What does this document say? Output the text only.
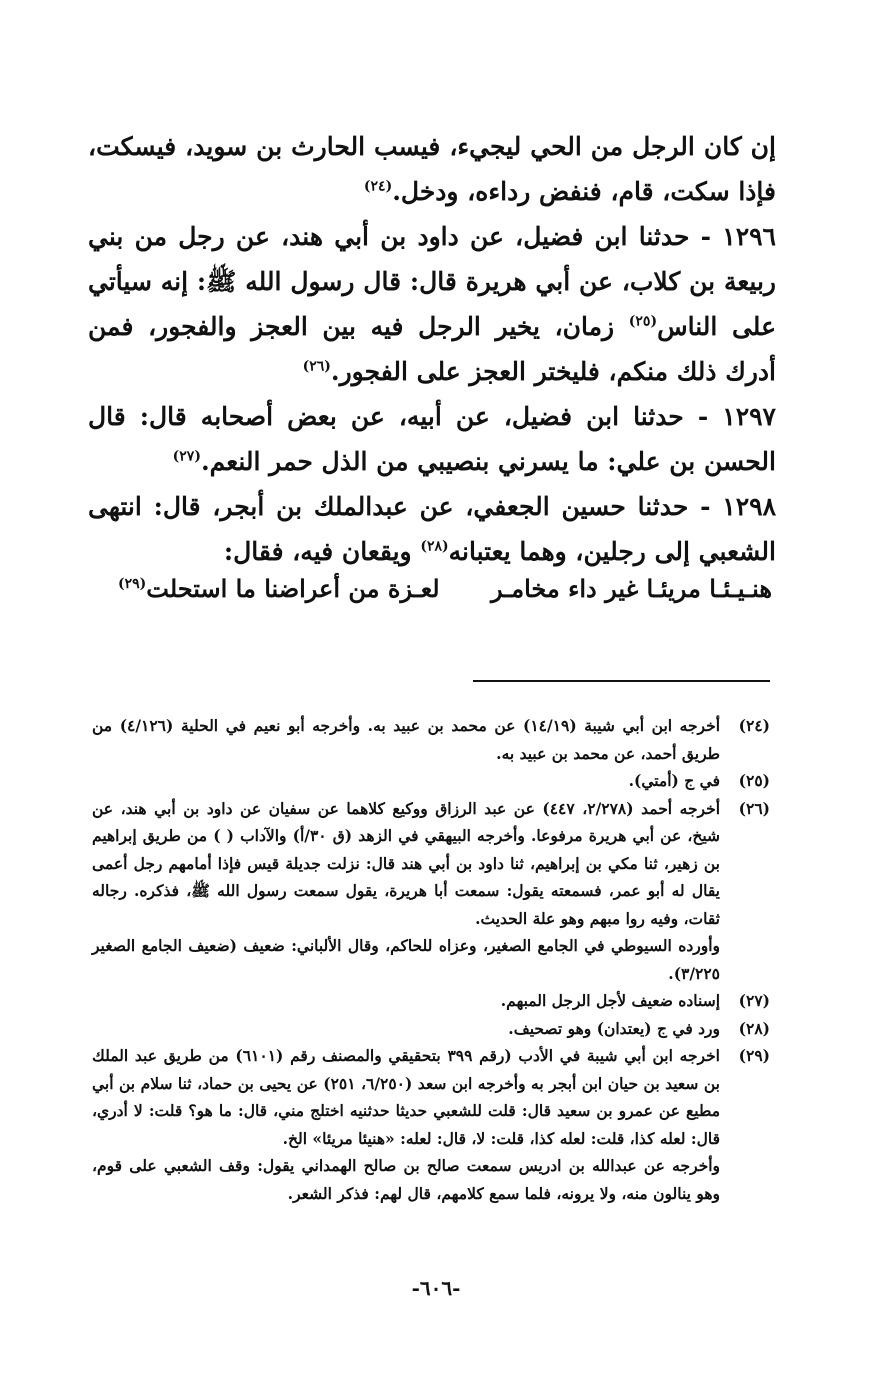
إن كان الرجل من الحي ليجيء، فيسب الحارث بن سويد، فيسكت، فإذا سكت، قام، فنفض رداءه، ودخل.$^{(٢٤)}$

١٢٩٦ - حدثنا ابن فضيل، عن داود بن أبي هند، عن رجل من بني ربيعة بن كلاب، عن أبي هريرة قال: قال رسول الله ﷺ: إنه سيأتي على الناس$^{(٢٥)}$ زمان، يخير الرجل فيه بين العجز والفجور، فمن أدرك ذلك منكم، فليختر العجز على الفجور.$^{(٢٦)}$

١٢٩٧ - حدثنا ابن فضيل، عن أبيه، عن بعض أصحابه قال: قال الحسن بن علي: ما يسرني بنصيبي من الذل حمر النعم.$^{(٢٧)}$

١٢٩٨ - حدثنا حسين الجعفي، عن عبدالملك بن أبجر، قال: انتهى الشعبي إلى رجلين، وهما يعتبانه$^{(٢٨)}$ ويقعان فيه، فقال:

هنـيـئـا مريئـا غير داء مخامـر
لعـزة من أعراضنا ما استحلت$^{(٢٩)}$
(٢٤)
أخرجه ابن أبي شيبة (١٤/١٩) عن محمد بن عبيد به. وأخرجه أبو نعيم في الحلية (٤/١٢٦) من طريق أحمد، عن محمد بن عبيد به.
(٢٥)
في ج (أمتي).
(٢٦)
أخرجه أحمد (٢/٢٧٨، ٤٤٧) عن عبد الرزاق ووكيع كلاهما عن سفيان عن داود بن أبي هند، عن شيخ، عن أبي هريرة مرفوعا. وأخرجه البيهقي في الزهد (ق ٣٠/أ) والآداب ( ) من طريق إبراهيم بن زهير، ثنا مكي بن إبراهيم، ثنا داود بن أبي هند قال: نزلت جديلة قيس فإذا أمامهم رجل أعمى يقال له أبو عمر، فسمعته يقول: سمعت أبا هريرة، يقول سمعت رسول الله ﷺ، فذكره. رجاله ثقات، وفيه روا مبهم وهو علة الحديث.
وأورده السيوطي في الجامع الصغير، وعزاه للحاكم، وقال الألباني: ضعيف (ضعيف الجامع الصغير ٣/٢٢٥).
(٢٧)
إسناده ضعيف لأجل الرجل المبهم.
(٢٨)
ورد في ج (يعتدان) وهو تصحيف.
(٢٩)
اخرجه ابن أبي شيبة في الأدب (رقم ٣٩٩ بتحقيقي والمصنف رقم (٦١٠١) من طريق عبد الملك بن سعيد بن حيان ابن أبجر به وأخرجه ابن سعد (٦/٢٥٠، ٢٥١) عن يحيى بن حماد، ثنا سلام بن أبي مطيع عن عمرو بن سعيد قال: قلت للشعبي حديثا حدثنيه اختلج مني، قال: ما هو؟ قلت: لا أدري، قال: لعله كذا، قلت: لعله كذا، قلت: لا، قال: لعله: «هنيئا مريئا» الخ.
وأخرجه عن عبدالله بن ادريس سمعت صالح بن صالح الهمداني يقول: وقف الشعبي على قوم، وهو ينالون منه، ولا يرونه، فلما سمع كلامهم، قال لهم: فذكر الشعر.
-٦٠٦-
